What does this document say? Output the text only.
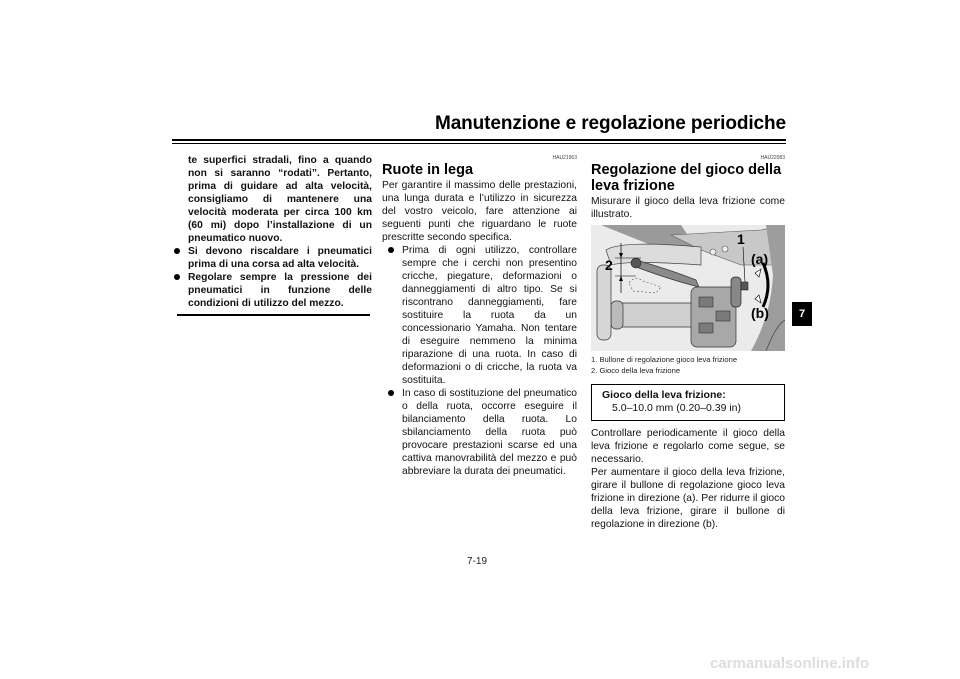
Manutenzione e regolazione periodiche

te superfici stradali, fino a quando non si saranno “rodati”. Pertanto, prima di guidare ad alta velocità, consigliamo di mantenere una velocità moderata per circa 100 km (60 mi) dopo l’installazione di un pneumatico nuovo.

Si devono riscaldare i pneumatici prima di una corsa ad alta velocità.
Regolare sempre la pressione dei pneumatici in funzione delle condizioni di utilizzo del mezzo.
HAU21963
Ruote in lega

Per garantire il massimo delle prestazioni, una lunga durata e l’utilizzo in sicurezza del vostro veicolo, fare attenzione ai seguenti punti che riguardano le ruote prescritte secondo specifica.

Prima di ogni utilizzo, controllare sempre che i cerchi non presentino cricche, piegature, deformazioni o danneggiamenti di altro tipo. Se si riscontrano danneggiamenti, fare sostituire la ruota da un concessionario Yamaha. Non tentare di eseguire nemmeno la minima riparazione di una ruota. In caso di deformazioni o di cricche, la ruota va sostituita.
In caso di sostituzione del pneumatico o della ruota, occorre eseguire il bilanciamento della ruota. Lo sbilanciamento della ruota può provocare prestazioni scarse ed una cattiva manovrabilità del mezzo e può abbreviare la durata dei pneumatici.
HAU22083
Regolazione del gioco della leva frizione

Misurare il gioco della leva frizione come illustrato.

1
2	(a)
(b)
1. Bullone di regolazione gioco leva frizione
2. Gioco della leva frizione
Gioco della leva frizione:
5.0–10.0 mm (0.20–0.39 in)

Controllare periodicamente il gioco della leva frizione e regolarlo come segue, se necessario.

Per aumentare il gioco della leva frizione, girare il bullone di regolazione gioco leva frizione in direzione (a). Per ridurre il gioco della leva frizione, girare il bullone di regolazione in direzione (b).

7
7-19
carmanualsonline.info
